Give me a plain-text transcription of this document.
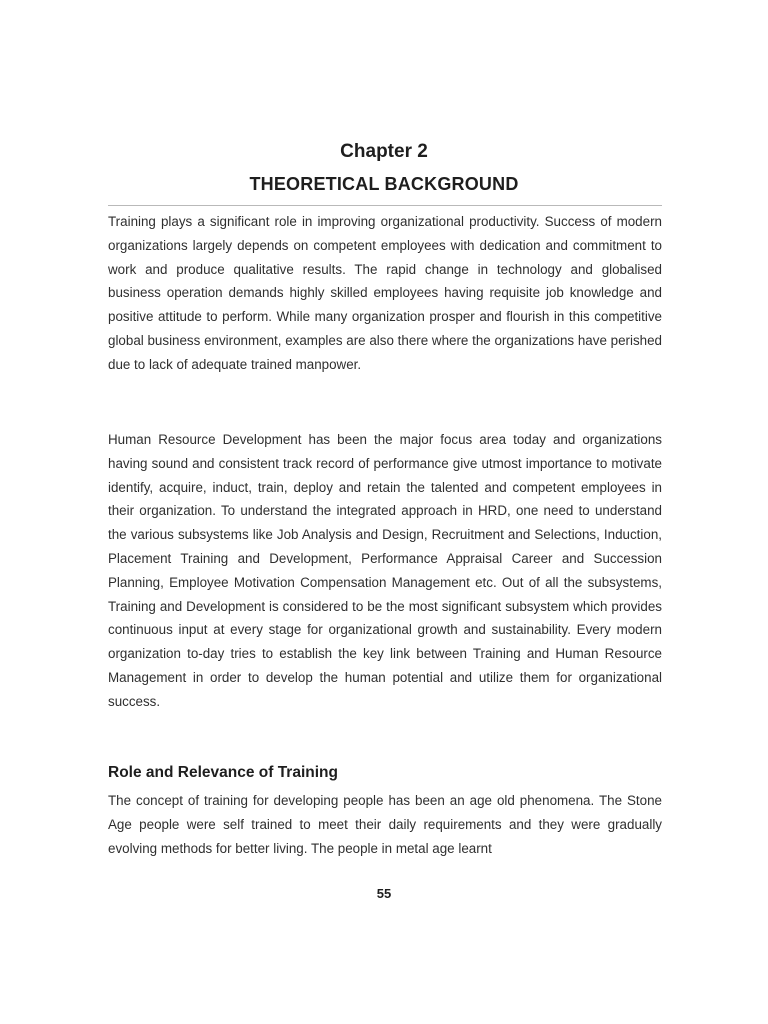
Chapter 2
THEORETICAL BACKGROUND

Training plays a significant role in improving organizational productivity. Success of modern organizations largely depends on competent employees with dedication and commitment to work and produce qualitative results. The rapid change in technology and globalised business operation demands highly skilled employees having requisite job knowledge and positive attitude to perform. While many organization prosper and flourish in this competitive global business environment, examples are also there where the organizations have perished due to lack of adequate trained manpower.

Human Resource Development has been the major focus area today and organizations having sound and consistent track record of performance give utmost importance to motivate identify, acquire, induct, train, deploy and retain the talented and competent employees in their organization. To understand the integrated approach in HRD, one need to understand the various subsystems like Job Analysis and Design, Recruitment and Selections, Induction, Placement Training and Development, Performance Appraisal Career and Succession Planning, Employee Motivation Compensation Management etc. Out of all the subsystems, Training and Development is considered to be the most significant subsystem which provides continuous input at every stage for organizational growth and sustainability. Every modern organization to-day tries to establish the key link between Training and Human Resource Management in order to develop the human potential and utilize them for organizational success.

Role and Relevance of Training

The concept of training for developing people has been an age old phenomena. The Stone Age people were self trained to meet their daily requirements and they were gradually evolving methods for better living. The people in metal age learnt

55
